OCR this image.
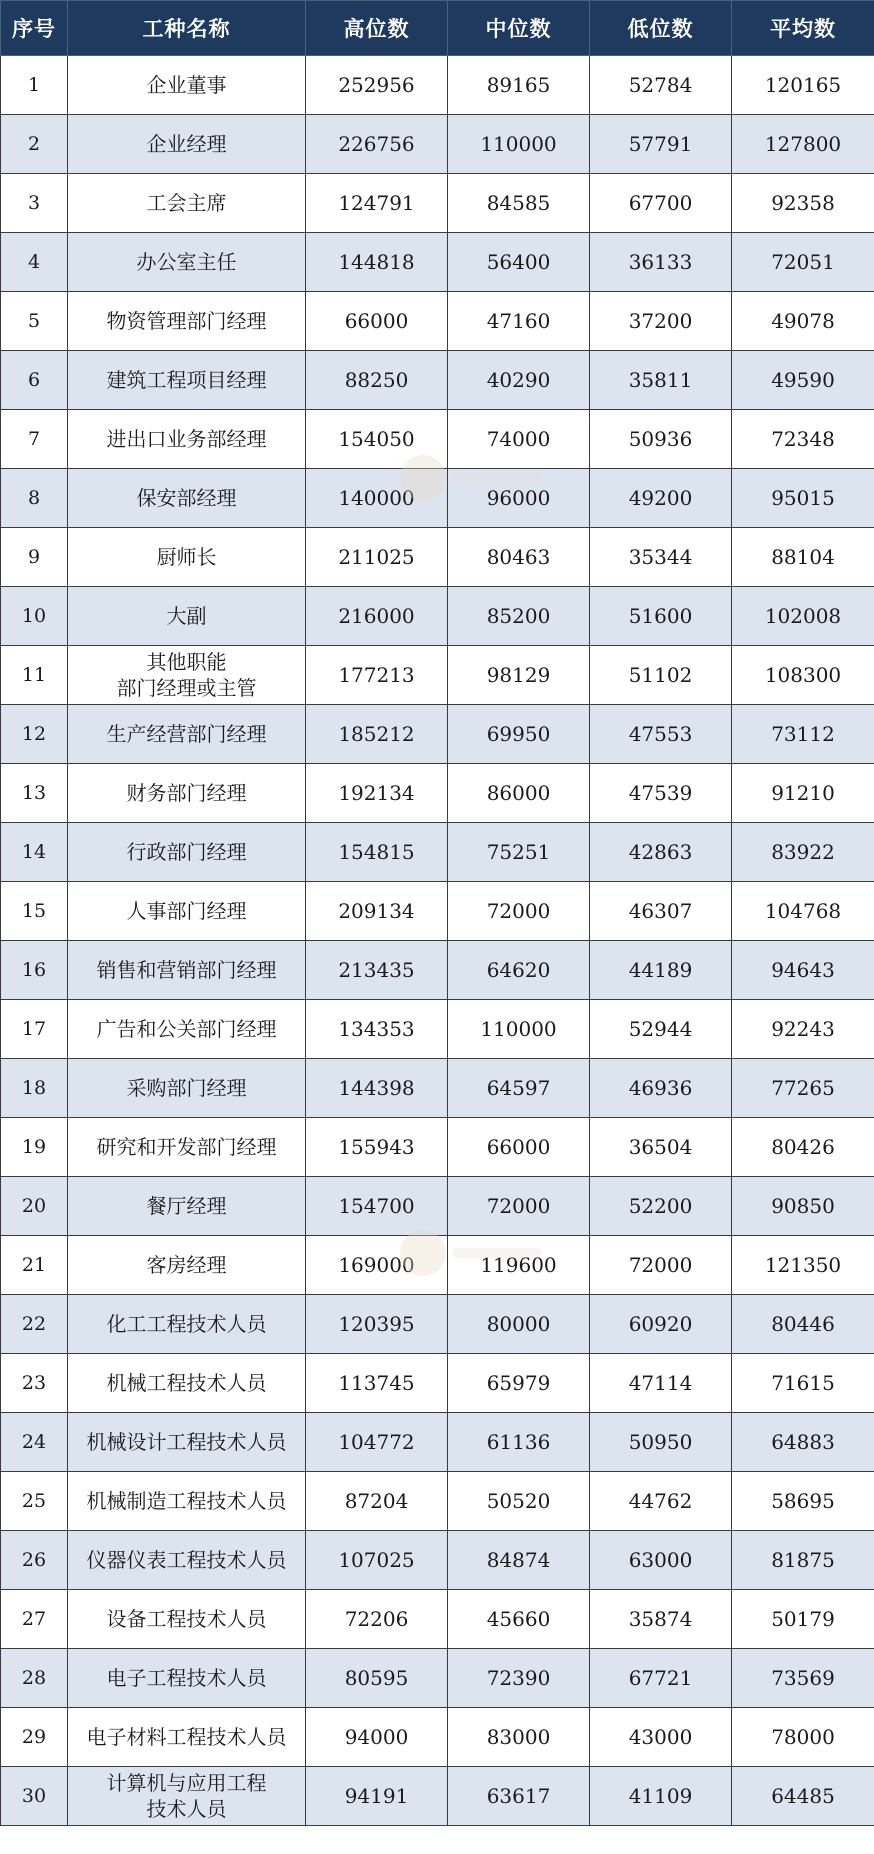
序号	工种名称	高位数	中位数	低位数	平均数
1	企业董事	252956	89165	52784	120165
2	企业经理	226756	110000	57791	127800
3	工会主席	124791	84585	67700	92358
4	办公室主任	144818	56400	36133	72051
5	物资管理部门经理	66000	47160	37200	49078
6	建筑工程项目经理	88250	40290	35811	49590
7	进出口业务部经理	154050	74000	50936	72348
8	保安部经理	140000	96000	49200	95015
9	厨师长	211025	80463	35344	88104
10	大副	216000	85200	51600	102008
11	其他职能
部门经理或主管	177213	98129	51102	108300
12	生产经营部门经理	185212	69950	47553	73112
13	财务部门经理	192134	86000	47539	91210
14	行政部门经理	154815	75251	42863	83922
15	人事部门经理	209134	72000	46307	104768
16	销售和营销部门经理	213435	64620	44189	94643
17	广告和公关部门经理	134353	110000	52944	92243
18	采购部门经理	144398	64597	46936	77265
19	研究和开发部门经理	155943	66000	36504	80426
20	餐厅经理	154700	72000	52200	90850
21	客房经理	169000	119600	72000	121350
22	化工工程技术人员	120395	80000	60920	80446
23	机械工程技术人员	113745	65979	47114	71615
24	机械设计工程技术人员	104772	61136	50950	64883
25	机械制造工程技术人员	87204	50520	44762	58695
26	仪器仪表工程技术人员	107025	84874	63000	81875
27	设备工程技术人员	72206	45660	35874	50179
28	电子工程技术人员	80595	72390	67721	73569
29	电子材料工程技术人员	94000	83000	43000	78000
30	计算机与应用工程
技术人员	94191	63617	41109	64485
